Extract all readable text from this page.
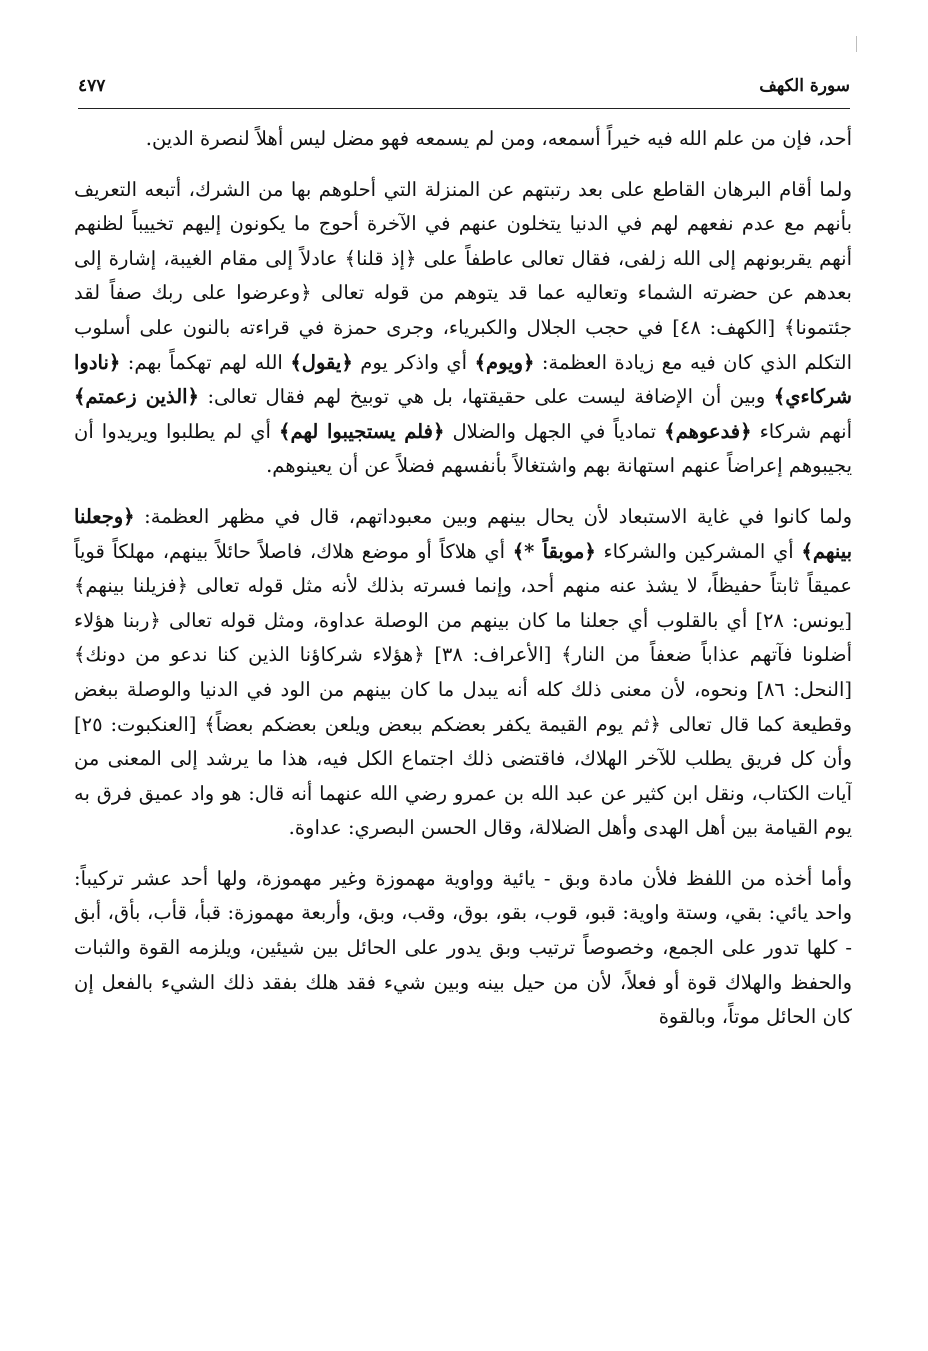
سورة الكهف
٤٧٧

أحد، فإن من علم الله فيه خيراً أسمعه، ومن لم يسمعه فهو مضل ليس أهلاً لنصرة الدين.

ولما أقام البرهان القاطع على بعد رتبتهم عن المنزلة التي أحلوهم بها من الشرك، أتبعه التعريف بأنهم مع عدم نفعهم لهم في الدنيا يتخلون عنهم في الآخرة أحوج ما يكونون إليهم تخييباً لظنهم أنهم يقربونهم إلى الله زلفى، فقال تعالى عاطفاً على ﴿إذ قلنا﴾ عادلاً إلى مقام الغيبة، إشارة إلى بعدهم عن حضرته الشماء وتعاليه عما قد يتوهم من قوله تعالى ﴿وعرضوا على ربك صفاً لقد جئتمونا﴾ [الكهف: ٤٨] في حجب الجلال والكبرياء، وجرى حمزة في قراءته بالنون على أسلوب التكلم الذي كان فيه مع زيادة العظمة: ﴿ويوم﴾ أي واذكر يوم ﴿يقول﴾ الله لهم تهكماً بهم: ﴿نادوا شركاءي﴾ وبين أن الإضافة ليست على حقيقتها، بل هي توبيخ لهم فقال تعالى: ﴿الذين زعمتم﴾ أنهم شركاء ﴿فدعوهم﴾ تمادياً في الجهل والضلال ﴿فلم يستجيبوا لهم﴾ أي لم يطلبوا ويريدوا أن يجيبوهم إعراضاً عنهم استهانة بهم واشتغالاً بأنفسهم فضلاً عن أن يعينوهم.

ولما كانوا في غاية الاستبعاد لأن يحال بينهم وبين معبوداتهم، قال في مظهر العظمة: ﴿وجعلنا بينهم﴾ أي المشركين والشركاء ﴿موبقاً *﴾ أي هلاكاً أو موضع هلاك، فاصلاً حائلاً بينهم، مهلكاً قوياً عميقاً ثابتاً حفيظاً، لا يشذ عنه منهم أحد، وإنما فسرته بذلك لأنه مثل قوله تعالى ﴿فزيلنا بينهم﴾ [يونس: ٢٨] أي بالقلوب أي جعلنا ما كان بينهم من الوصلة عداوة، ومثل قوله تعالى ﴿ربنا هؤلاء أضلونا فآتهم عذاباً ضعفاً من النار﴾ [الأعراف: ٣٨] ﴿هؤلاء شركاؤنا الذين كنا ندعو من دونك﴾ [النحل: ٨٦] ونحوه، لأن معنى ذلك كله أنه يبدل ما كان بينهم من الود في الدنيا والوصلة ببغض وقطيعة كما قال تعالى ﴿ثم يوم القيمة يكفر بعضكم ببعض ويلعن بعضكم بعضاً﴾ [العنكبوت: ٢٥] وأن كل فريق يطلب للآخر الهلاك، فاقتضى ذلك اجتماع الكل فيه، هذا ما يرشد إلى المعنى من آيات الكتاب، ونقل ابن كثير عن عبد الله بن عمرو رضي الله عنهما أنه قال: هو واد عميق فرق به يوم القيامة بين أهل الهدى وأهل الضلالة، وقال الحسن البصري: عداوة.

وأما أخذه من اللفظ فلأن مادة وبق - يائية وواوية مهموزة وغير مهموزة، ولها أحد عشر تركيباً: واحد يائي: بقي، وستة واوية: قبو، قوب، بقو، بوق، وقب، وبق، وأربعة مهموزة: قبأ، قأب، بأق، أبق - كلها تدور على الجمع، وخصوصاً ترتيب وبق يدور على الحائل بين شيئين، ويلزمه القوة والثبات والحفظ والهلاك قوة أو فعلاً، لأن من حيل بينه وبين شيء فقد هلك بفقد ذلك الشيء بالفعل إن كان الحائل موتاً، وبالقوة
